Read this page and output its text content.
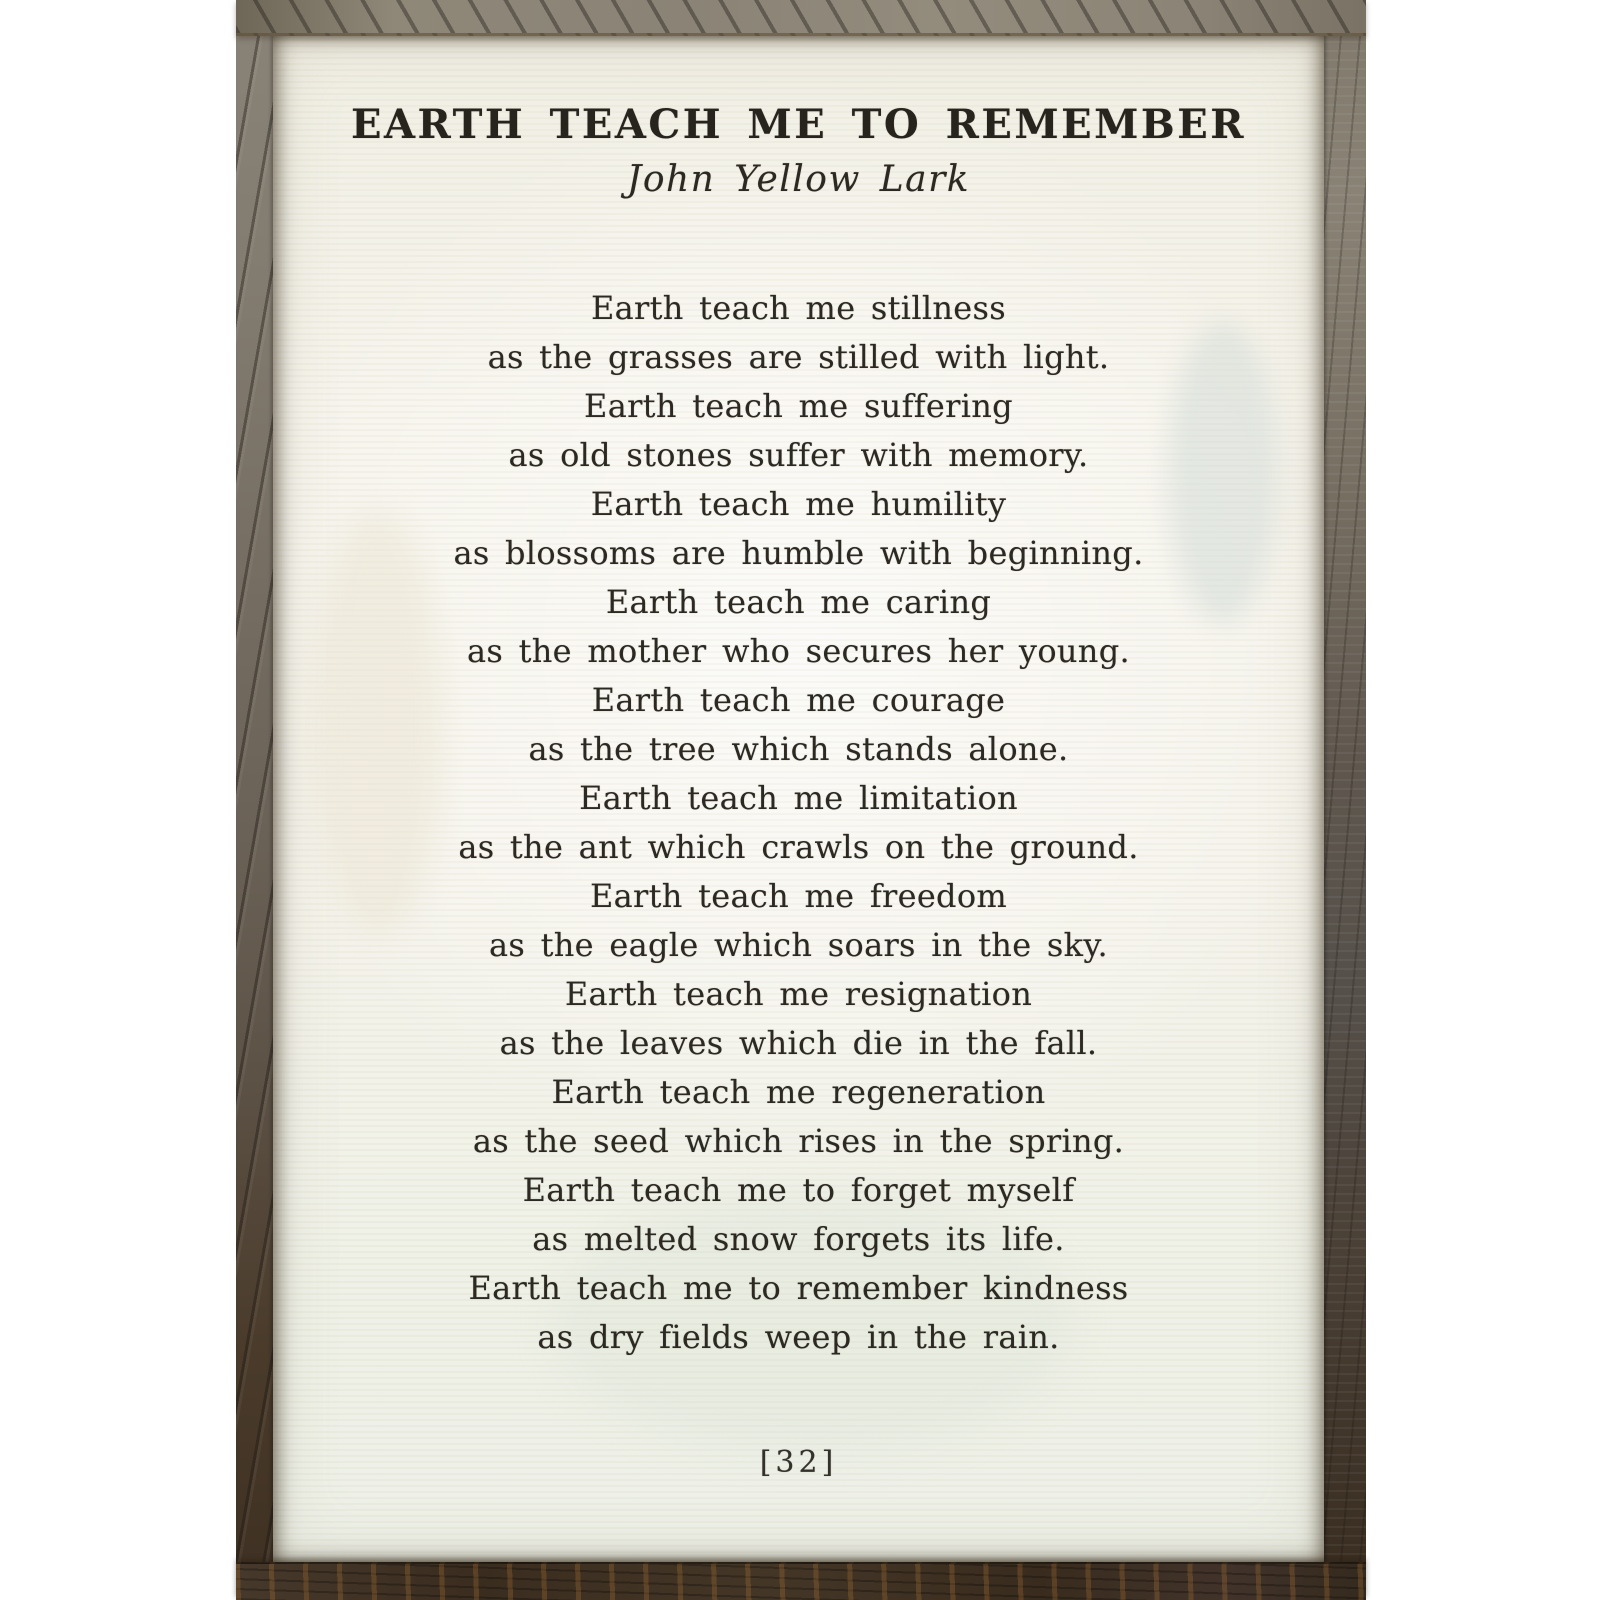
EARTH TEACH ME TO REMEMBER
John Yellow Lark
Earth teach me stillness
as the grasses are stilled with light.
Earth teach me suffering
as old stones suffer with memory.
Earth teach me humility
as blossoms are humble with beginning.
Earth teach me caring
as the mother who secures her young.
Earth teach me courage
as the tree which stands alone.
Earth teach me limitation
as the ant which crawls on the ground.
Earth teach me freedom
as the eagle which soars in the sky.
Earth teach me resignation
as the leaves which die in the fall.
Earth teach me regeneration
as the seed which rises in the spring.
Earth teach me to forget myself
as melted snow forgets its life.
Earth teach me to remember kindness
as dry fields weep in the rain.
[32]
